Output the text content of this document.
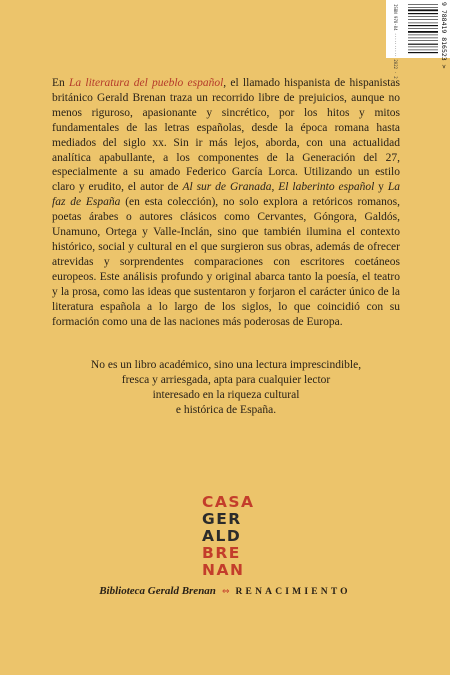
ISBN 978-84 ·········· 2022 · 2	9 788419 816523 >

En La literatura del pueblo español, el llamado hispanista de hispanistas británico Gerald Brenan traza un recorrido libre de prejuicios, aunque no menos riguroso, apasionante y sincrético, por los hitos y mitos fundamentales de las letras españolas, desde la época romana hasta mediados del siglo xx. Sin ir más lejos, aborda, con una actualidad analítica apabullante, a los componentes de la Generación del 27, especialmente a su amado Federico García Lorca. Utilizando un estilo claro y erudito, el autor de Al sur de Granada, El laberinto español y La faz de España (en esta colección), no solo explora a retóricos romanos, poetas árabes o autores clásicos como Cervantes, Góngora, Galdós, Unamuno, Ortega y Valle-Inclán, sino que también ilumina el contexto histórico, social y cultural en el que surgieron sus obras, además de ofrecer atrevidas y sorprendentes comparaciones con escritores coetáneos europeos. Este análisis profundo y original abarca tanto la poesía, el teatro y la prosa, como las ideas que sustentaron y forjaron el carácter único de la literatura española a lo largo de los siglos, lo que coincidió con su formación como una de las naciones más poderosas de Europa.

No es un libro académico, sino una lectura imprescindible,
fresca y arriesgada, apta para cualquier lector
interesado en la riqueza cultural
e histórica de España.
CASA
GER
ALD
BRE
NAN
Biblioteca Gerald Brenan ⇔ RENACIMIENTO
